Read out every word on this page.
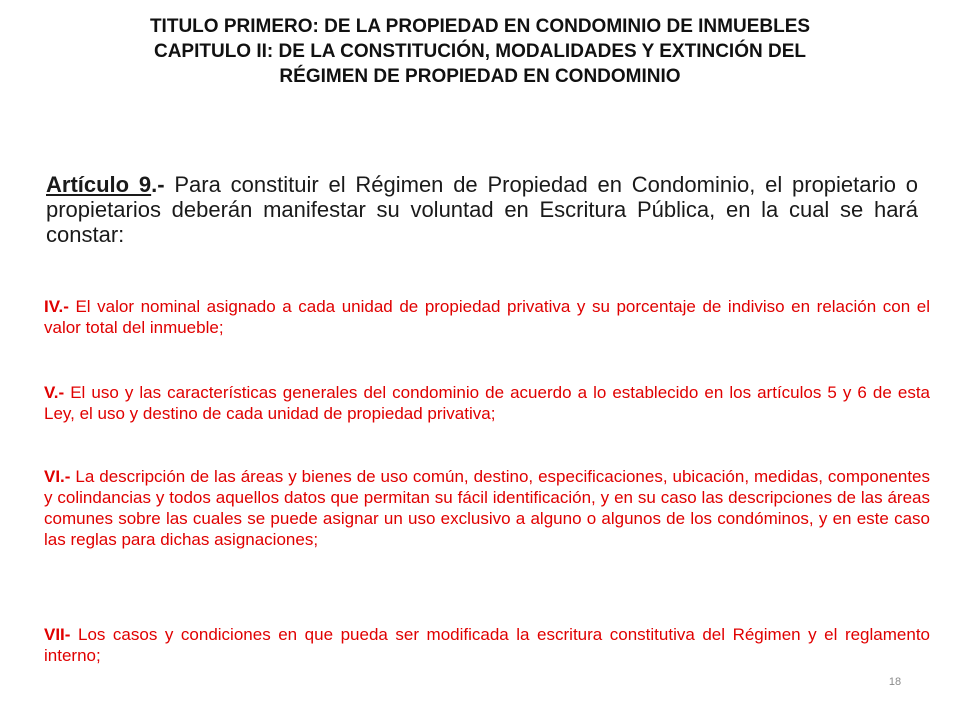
TITULO PRIMERO: DE LA PROPIEDAD EN CONDOMINIO DE INMUEBLES
CAPITULO II: DE LA CONSTITUCIÓN, MODALIDADES Y EXTINCIÓN DEL
RÉGIMEN DE PROPIEDAD EN CONDOMINIO
Artículo 9.- Para constituir el Régimen de Propiedad en Condominio, el propietario o propietarios deberán manifestar su voluntad en Escritura Pública, en la cual se hará constar:
IV.- El valor nominal asignado a cada unidad de propiedad privativa y su porcentaje de indiviso en relación con el valor total del inmueble;
V.- El uso y las características generales del condominio de acuerdo a lo establecido en los artículos 5 y 6 de esta Ley, el uso y destino de cada unidad de propiedad privativa;
VI.- La descripción de las áreas y bienes de uso común, destino, especificaciones, ubicación, medidas, componentes y colindancias y todos aquellos datos que permitan su fácil identificación, y en su caso las descripciones de las áreas comunes sobre las cuales se puede asignar un uso exclusivo a alguno o algunos de los condóminos, y en este caso las reglas para dichas asignaciones;
VII- Los casos y condiciones en que pueda ser modificada la escritura constitutiva del Régimen y el reglamento interno;
18
